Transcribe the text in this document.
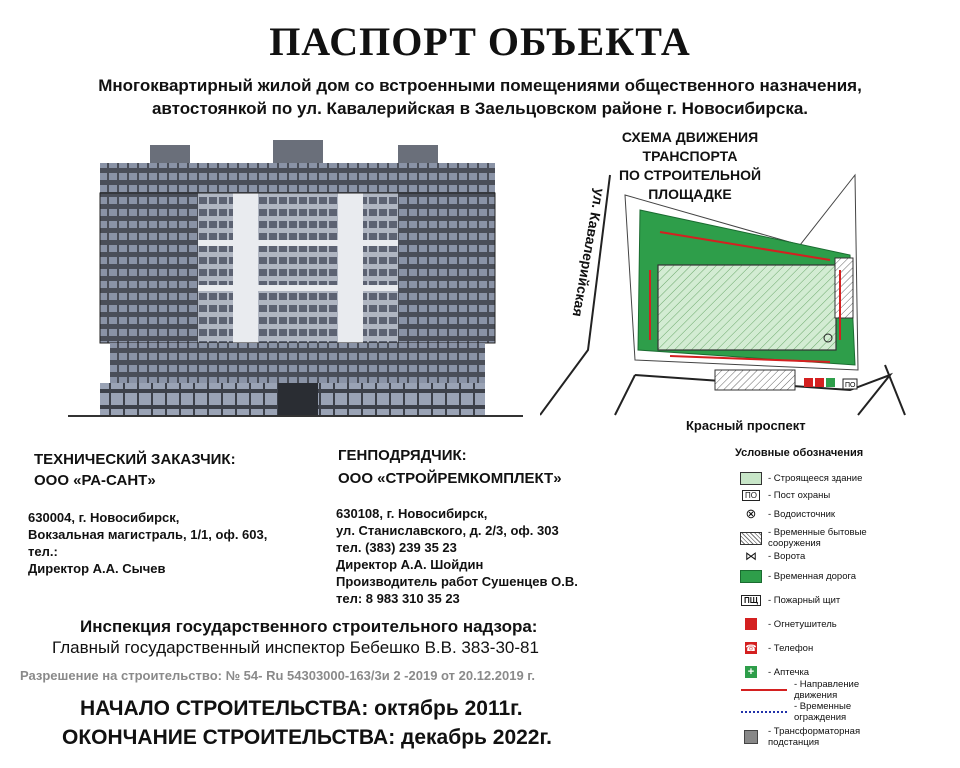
ПАСПОРТ ОБЪЕКТА
Многоквартирный жилой дом со встроенными помещениями общественного назначения,
автостоянкой по ул. Кавалерийская в Заельцовском районе г. Новосибирска.
СХЕМА ДВИЖЕНИЯ ТРАНСПОРТА
ПО СТРОИТЕЛЬНОЙ ПЛОЩАДКЕ
ПО
ул. Кавалерийская
Красный проспект
ТЕХНИЧЕСКИЙ ЗАКАЗЧИК:
ООО «РА-САНТ»
630004, г. Новосибирск,
Вокзальная магистраль, 1/1, оф. 603,
тел.:
Директор А.А. Сычев
ГЕНПОДРЯДЧИК:
ООО «СТРОЙРЕМКОМПЛЕКТ»
630108, г. Новосибирск,
ул. Станиславского, д. 2/3, оф. 303
тел. (383) 239 35 23
Директор А.А. Шойдин
Производитель работ Сушенцев О.В.
тел: 8 983 310 35 23
Инспекция государственного строительного надзора:
Главный государственный инспектор Бебешко В.В. 383-30-81
Разрешение на строительство: № 54- Ru 54303000-163/3и 2 -2019 от 20.12.2019 г.
НАЧАЛО СТРОИТЕЛЬСТВА: октябрь 2011г.
ОКОНЧАНИЕ СТРОИТЕЛЬСТВА: декабрь 2022г.
Условные обозначения
- Строящееся здание
ПО	- Пост охраны
⊗	- Водоисточник
- Временные бытовые сооружения
⋈	- Ворота
- Временная дорога
ПЩ	- Пожарный щит
- Огнетушитель
☎ - Телефон
+ - Аптечка
- Направление движения
- Временные ограждения
- Трансформаторная подстанция
